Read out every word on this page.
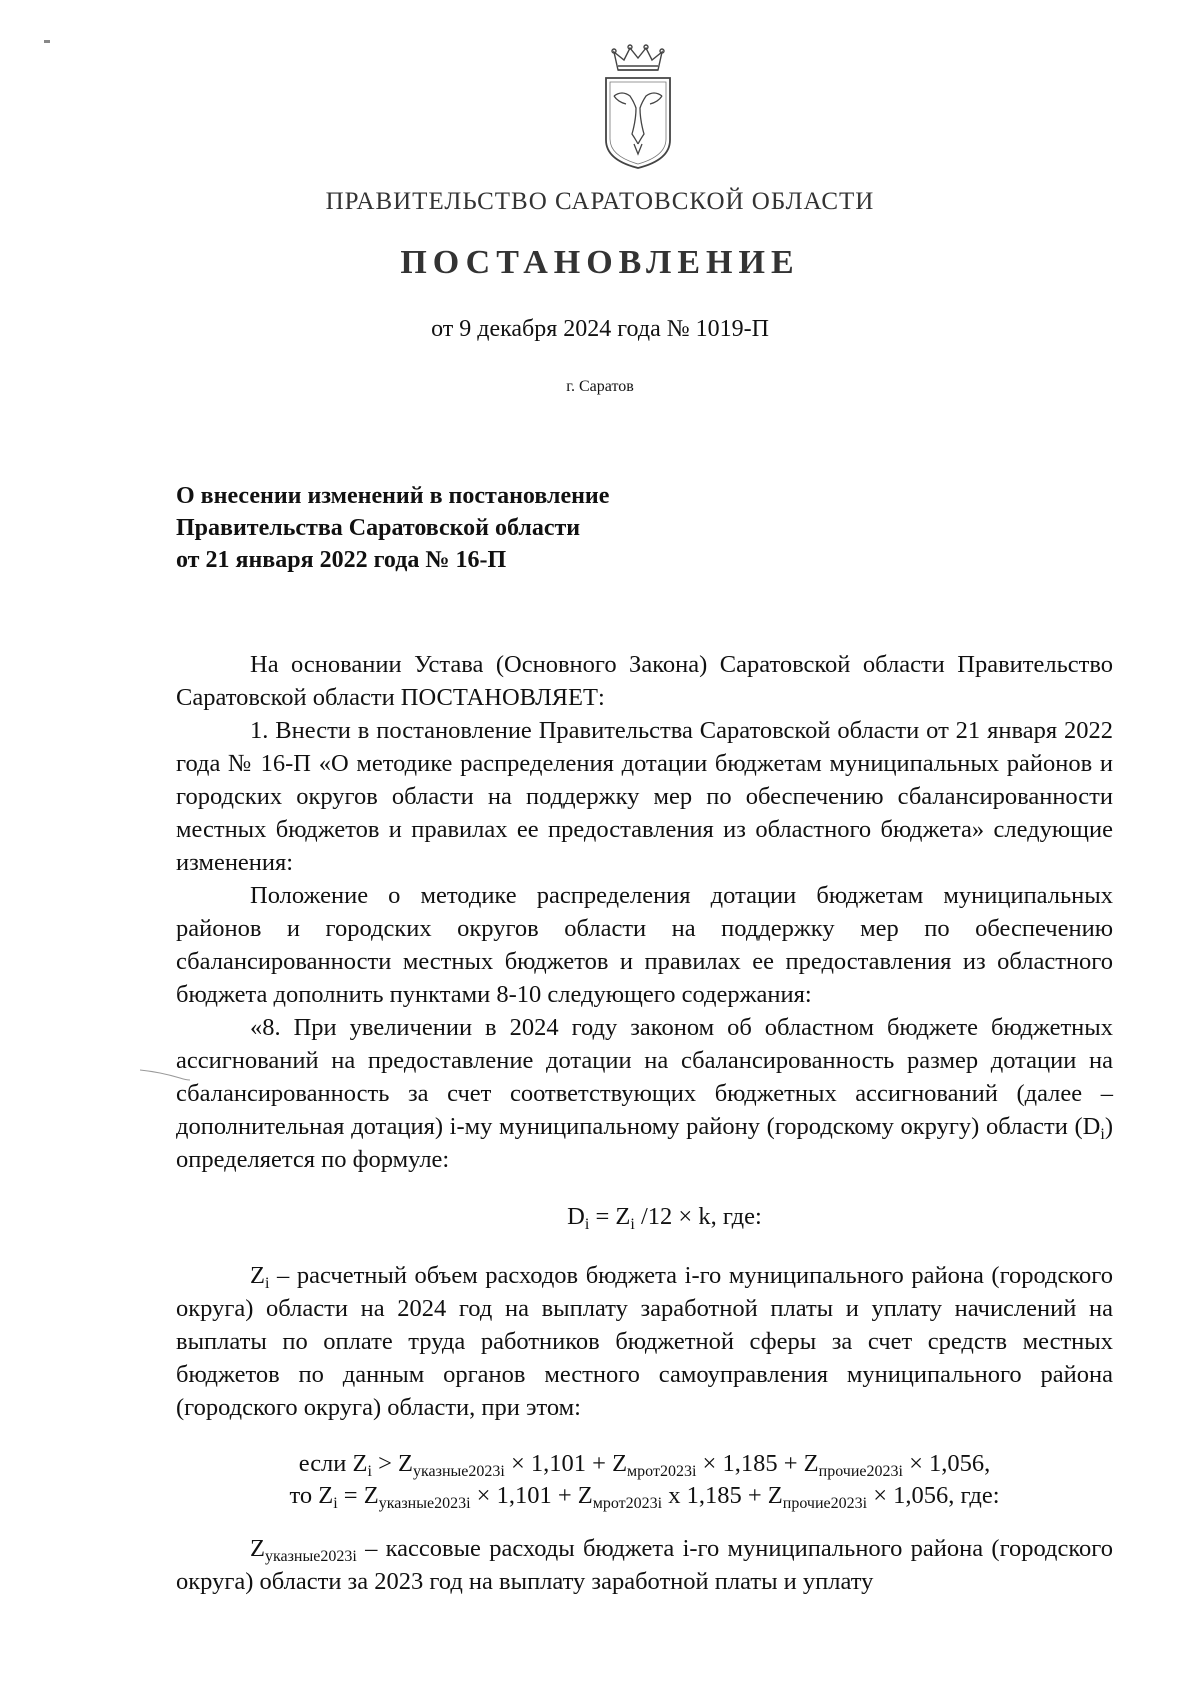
ПРАВИТЕЛЬСТВО САРАТОВСКОЙ ОБЛАСТИ
ПОСТАНОВЛЕНИЕ
от 9 декабря 2024 года № 1019-П
г. Саратов
О внесении изменений в постановление
Правительства Саратовской области
от 21 января 2022 года № 16-П

На основании Устава (Основного Закона) Саратовской области Правительство Саратовской области ПОСТАНОВЛЯЕТ:

1. Внести в постановление Правительства Саратовской области от 21 января 2022 года № 16-П «О методике распределения дотации бюджетам муниципальных районов и городских округов области на поддержку мер по обеспечению сбалансированности местных бюджетов и правилах ее предоставления из областного бюджета» следующие изменения:

Положение о методике распределения дотации бюджетам муниципальных районов и городских округов области на поддержку мер по обеспечению сбалансированности местных бюджетов и правилах ее предоставления из областного бюджета дополнить пунктами 8-10 следующего содержания:

«8. При увеличении в 2024 году законом об областном бюджете бюджетных ассигнований на предоставление дотации на сбалансированность размер дотации на сбалансированность за счет соответствующих бюджетных ассигнований (далее – дополнительная дотация) i-му муниципальному району (городскому округу) области $(D_i)$ определяется по формуле:

$D_i = Z_i$ /12 × k, где:

$Z_i$ – расчетный объем расходов бюджета i-го муниципального района (городского округа) области на 2024 год на выплату заработной платы и уплату начислений на выплаты по оплате труда работников бюджетной сферы за счет средств местных бюджетов по данным органов местного самоуправления муниципального района (городского округа) области, при этом:

если $Z_i > Z_{указные2023i} \times 1,101 + Z_{мрот2023i} \times 1,185 + Z_{прочие2023i} \times 1,056$,
то $Z_i = Z_{указные2023i} \times 1,101 + Z_{мрот2023i}$ x $1,185 + Z_{прочие2023i} \times 1,056$, где:

$Z_{указные2023i}$ – кассовые расходы бюджета i-го муниципального района (городского округа) области за 2023 год на выплату заработной платы и уплату
